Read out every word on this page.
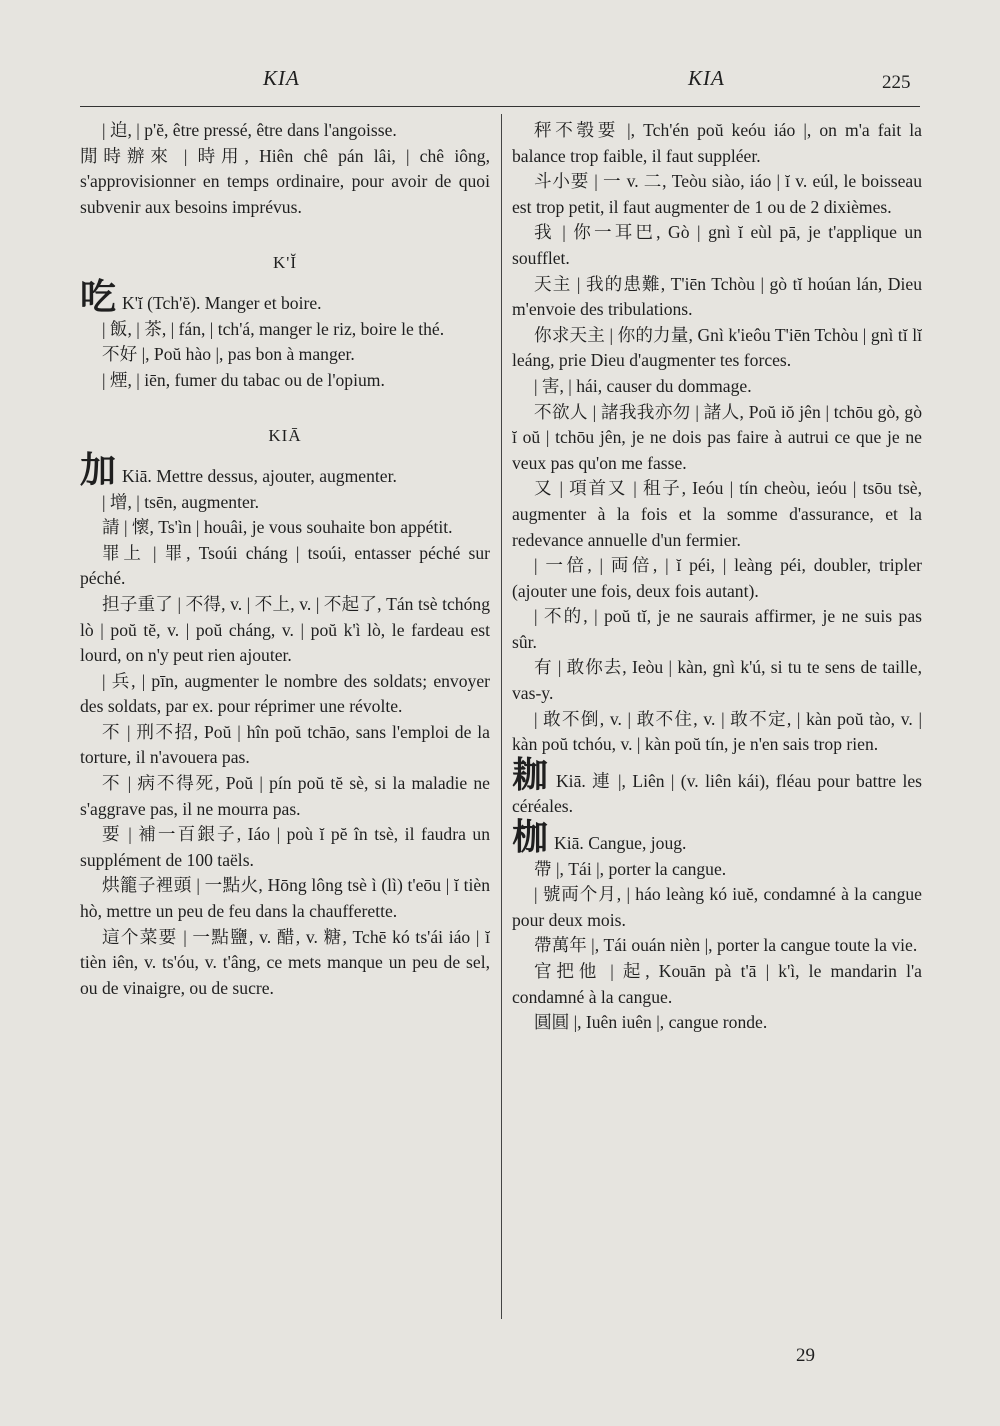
KIA	KIA	225

| 迫, | p'ĕ, être pressé, être dans l'angoisse.

閒時辦來 | 時用, Hiên chê pán lâi, | chê iông, s'approvisionner en temps ordinaire, pour avoir de quoi subvenir aux besoins imprévus.

K'Ĭ

吃 K'ĭ (Tch'ĕ). Manger et boire.

| 飯, | 茶, | fán, | tch'á, manger le riz, boire le thé.

不好 |, Poŭ hào |, pas bon à manger.

| 煙, | iēn, fumer du tabac ou de l'opium.

KIĀ

加 Kiā. Mettre dessus, ajouter, augmenter.

| 增, | tsēn, augmenter.

請 | 懷, Ts'ìn | houâi, je vous souhaite bon appétit.

罪上 | 罪, Tsoúi cháng | tsoúi, entasser péché sur péché.

担子重了 | 不得, v. | 不上, v. | 不起了, Tán tsè tchóng lò | poŭ tĕ, v. | poŭ cháng, v. | poŭ k'ì lò, le fardeau est lourd, on n'y peut rien ajouter.

| 兵, | pīn, augmenter le nombre des soldats; envoyer des soldats, par ex. pour réprimer une révolte.

不 | 刑不招, Poŭ | hîn poŭ tchāo, sans l'emploi de la torture, il n'avouera pas.

不 | 病不得死, Poŭ | pín poŭ tĕ sè, si la maladie ne s'aggrave pas, il ne mourra pas.

要 | 補一百銀子, Iáo | poù ĭ pĕ în tsè, il faudra un supplément de 100 taëls.

烘籠子裡頭 | 一點火, Hōng lông tsè ì (lì) t'eōu | ĭ tièn hò, mettre un peu de feu dans la chaufferette.

這个菜要 | 一點鹽, v. 醋, v. 糖, Tchē kó ts'ái iáo | ĭ tièn iên, v. ts'óu, v. t'âng, ce mets manque un peu de sel, ou de vinaigre, ou de sucre.

秤不彀要 |, Tch'én poŭ keóu iáo |, on m'a fait la balance trop faible, il faut suppléer.

斗小要 | 一 v. 二, Teòu siào, iáo | ĭ v. eúl, le boisseau est trop petit, il faut augmenter de 1 ou de 2 dixièmes.

我 | 你一耳巴, Gò | gnì ĭ eùl pā, je t'applique un soufflet.

天主 | 我的患難, T'iēn Tchòu | gò tĭ hoúan lán, Dieu m'envoie des tribulations.

你求天主 | 你的力量, Gnì k'ieôu T'iēn Tchòu | gnì tĭ lĭ leáng, prie Dieu d'augmenter tes forces.

| 害, | hái, causer du dommage.

不欲人 | 諸我我亦勿 | 諸人, Poŭ iŏ jên | tchōu gò, gò ĭ oŭ | tchōu jên, je ne dois pas faire à autrui ce que je ne veux pas qu'on me fasse.

又 | 項首又 | 租子, Ieóu | tín cheòu, ieóu | tsōu tsè, augmenter à la fois et la somme d'assurance, et la redevance annuelle d'un fermier.

| 一倍, | 両倍, | ĭ péi, | leàng péi, doubler, tripler (ajouter une fois, deux fois autant).

| 不的, | poŭ tĭ, je ne saurais affirmer, je ne suis pas sûr.

有 | 敢你去, Ieòu | kàn, gnì k'ú, si tu te sens de taille, vas-y.

| 敢不倒, v. | 敢不住, v. | 敢不定, | kàn poŭ tào, v. | kàn poŭ tchóu, v. | kàn poŭ tín, je n'en sais trop rien.

耞 Kiā. 連 |, Liên | (v. liên kái), fléau pour battre les céréales.

枷 Kiā. Cangue, joug.

帶 |, Tái |, porter la cangue.

| 號両个月, | háo leàng kó iuĕ, condamné à la cangue pour deux mois.

帶萬年 |, Tái ouán nièn |, porter la cangue toute la vie.

官把他 | 起, Kouān pà t'ā | k'ì, le mandarin l'a condamné à la cangue.

圓圓 |, Iuên iuên |, cangue ronde.

29
